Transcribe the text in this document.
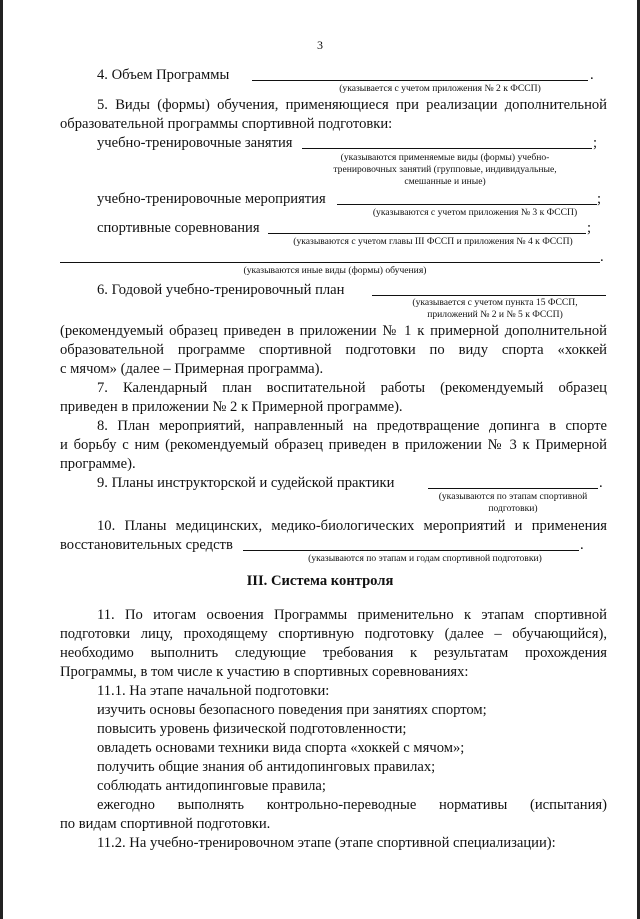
3
4. Объем Программы	.
(указывается с учетом приложения № 2 к ФССП)
5. Виды (формы) обучения, применяющиеся при реализации дополнительной
образовательной программы спортивной подготовки:
учебно-тренировочные занятия	;
(указываются применяемые виды (формы) учебно-
тренировочных занятий (групповые, индивидуальные,
смешанные и иные)
учебно-тренировочные мероприятия	;
(указываются с учетом приложения № 3 к ФССП)
спортивные соревнования	;
(указываются с учетом главы III ФССП и приложения № 4 к ФССП)
.
(указываются иные виды (формы) обучения)
6. Годовой учебно-тренировочный план
(указывается с учетом пункта 15 ФССП,
приложений № 2 и № 5 к ФССП)
(рекомендуемый образец приведен в приложении № 1 к примерной дополнительной
образовательной программе спортивной подготовки по виду спорта «хоккей
с мячом» (далее – Примерная программа).
7. Календарный план воспитательной работы (рекомендуемый образец
приведен в приложении № 2 к Примерной программе).
8. План мероприятий, направленный на предотвращение допинга в спорте
и борьбу с ним (рекомендуемый образец приведен в приложении № 3 к Примерной
программе).
9. Планы инструкторской и судейской практики	.
(указываются по этапам спортивной
подготовки)
10. Планы медицинских, медико-биологических мероприятий и применения
восстановительных средств	.
(указываются по этапам и годам спортивной подготовки)
III. Система контроля
11. По итогам освоения Программы применительно к этапам спортивной
подготовки лицу, проходящему спортивную подготовку (далее – обучающийся),
необходимо выполнить следующие требования к результатам прохождения
Программы, в том числе к участию в спортивных соревнованиях:
11.1. На этапе начальной подготовки:
изучить основы безопасного поведения при занятиях спортом;
повысить уровень физической подготовленности;
овладеть основами техники вида спорта «хоккей с мячом»;
получить общие знания об антидопинговых правилах;
соблюдать антидопинговые правила;
ежегодно выполнять контрольно-переводные нормативы (испытания)
по видам спортивной подготовки.
11.2. На учебно-тренировочном этапе (этапе спортивной специализации):
